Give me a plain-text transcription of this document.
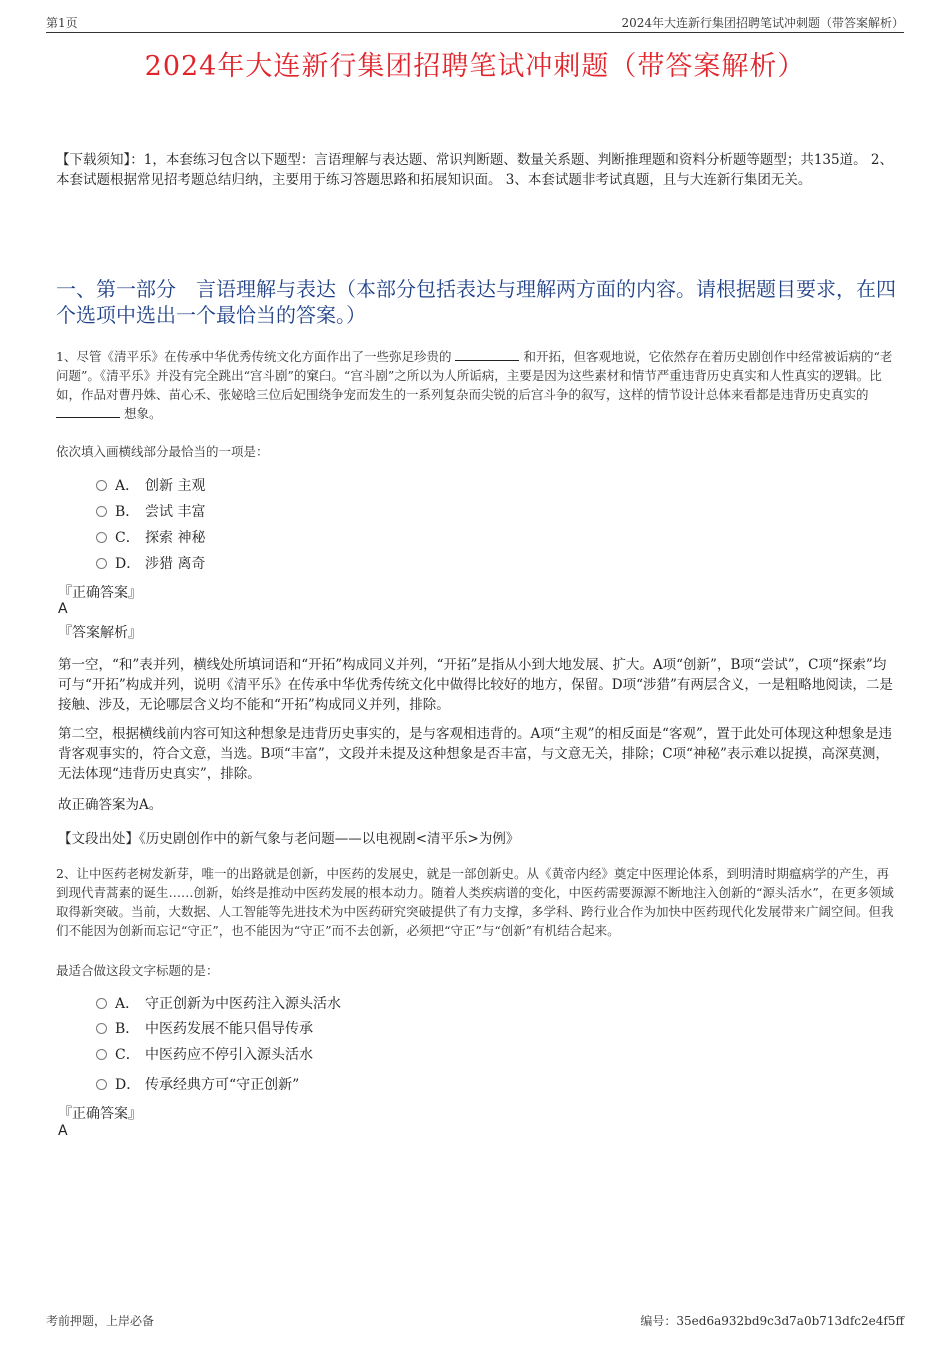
第1页	2024年大连新行集团招聘笔试冲刺题（带答案解析）
2024年大连新行集团招聘笔试冲刺题（带答案解析）
【下载须知】：1，本套练习包含以下题型：言语理解与表达题、常识判断题、数量关系题、判断推理题和资料分析题等题型；共135道。 2、本套试题根据常见招考题总结归纳，主要用于练习答题思路和拓展知识面。 3、本套试题非考试真题，且与大连新行集团无关。
一、第一部分　言语理解与表达（本部分包括表达与理解两方面的内容。请根据题目要求，在四个选项中选出一个最恰当的答案。）
1、尽管《清平乐》在传承中华优秀传统文化方面作出了一些弥足珍贵的	和开拓，但客观地说，它依然存在着历史剧创作中经常被诟病的“老问题”。《清平乐》并没有完全跳出“宫斗剧”的窠臼。“宫斗剧”之所以为人所诟病，主要是因为这些素材和情节严重违背历史真实和人性真实的逻辑。比如，作品对曹丹姝、苗心禾、张妼晗三位后妃围绕争宠而发生的一系列复杂而尖锐的后宫斗争的叙写，这样的情节设计总体来看都是违背历史真实的  想象。
依次填入画横线部分最恰当的一项是：
A． 创新 主观
B． 尝试 丰富
C． 探索 神秘
D． 涉猎 离奇
『正确答案』
A
『答案解析』
第一空，“和”表并列，横线处所填词语和“开拓”构成同义并列，“开拓”是指从小到大地发展、扩大。A项“创新”，B项“尝试”，C项“探索”均可与“开拓”构成并列，说明《清平乐》在传承中华优秀传统文化中做得比较好的地方，保留。D项“涉猎”有两层含义，一是粗略地阅读，二是接触、涉及，无论哪层含义均不能和“开拓”构成同义并列，排除。
第二空，根据横线前内容可知这种想象是违背历史事实的，是与客观相违背的。A项“主观”的相反面是“客观”，置于此处可体现这种想象是违背客观事实的，符合文意，当选。B项“丰富”，文段并未提及这种想象是否丰富，与文意无关，排除；C项“神秘”表示难以捉摸，高深莫测，无法体现“违背历史真实”，排除。
故正确答案为A。
【文段出处】《历史剧创作中的新气象与老问题——以电视剧<清平乐>为例》
2、让中医药老树发新芽，唯一的出路就是创新，中医药的发展史，就是一部创新史。从《黄帝内经》奠定中医理论体系，到明清时期瘟病学的产生，再到现代青蒿素的诞生……创新，始终是推动中医药发展的根本动力。随着人类疾病谱的变化，中医药需要源源不断地注入创新的“源头活水”，在更多领域取得新突破。当前，大数据、人工智能等先进技术为中医药研究突破提供了有力支撑，多学科、跨行业合作为加快中医药现代化发展带来广阔空间。但我们不能因为创新而忘记“守正”，也不能因为“守正”而不去创新，必须把“守正”与“创新”有机结合起来。
最适合做这段文字标题的是：
A． 守正创新为中医药注入源头活水
B． 中医药发展不能只倡导传承
C． 中医药应不停引入源头活水
D． 传承经典方可“守正创新”
『正确答案』
A
考前押题，上岸必备	编号：35ed6a932bd9c3d7a0b713dfc2e4f5ff
